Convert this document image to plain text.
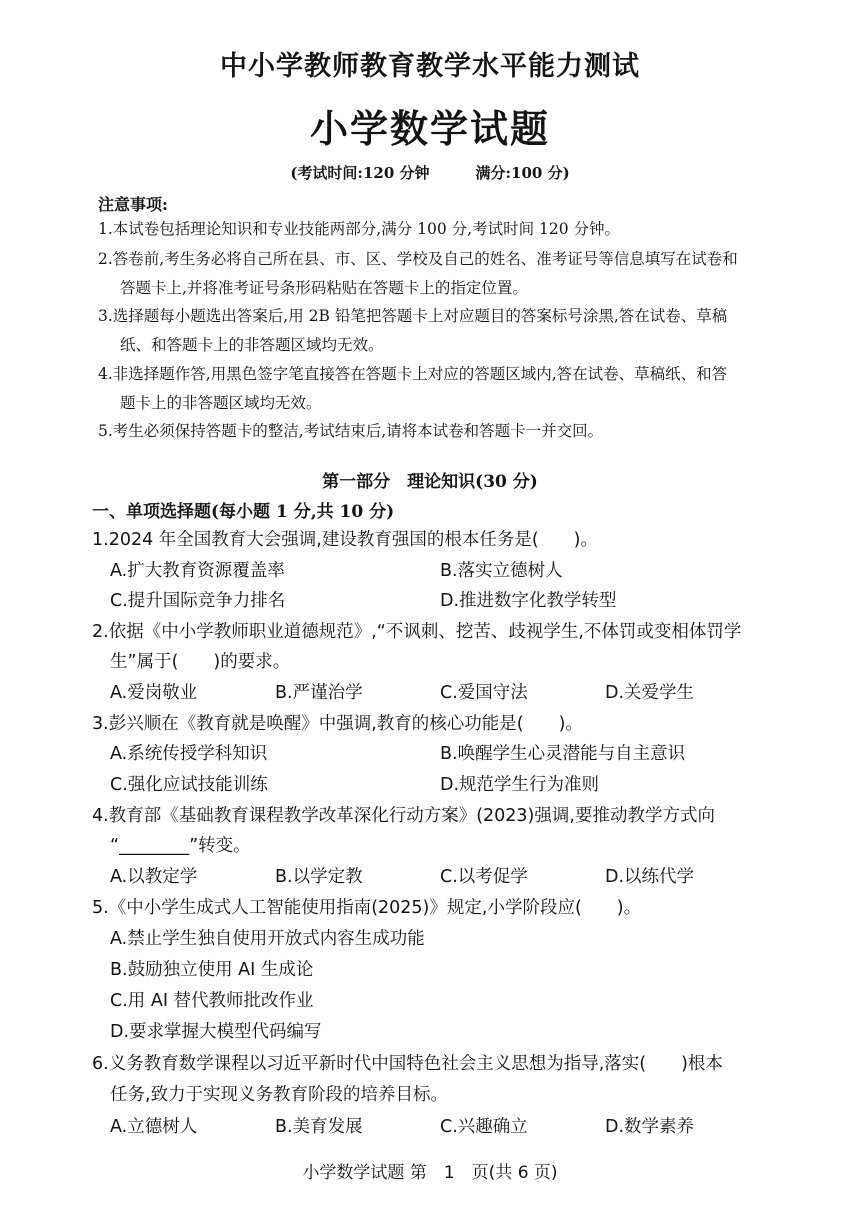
中小学教师教育教学水平能力测试
小学数学试题
(考试时间:120 分钟	满分:100 分)
注意事项:
1.本试卷包括理论知识和专业技能两部分,满分 100 分,考试时间 120 分钟。
2.答卷前,考生务必将自己所在县、市、区、学校及自己的姓名、准考证号等信息填写在试卷和
答题卡上,并将准考证号条形码粘贴在答题卡上的指定位置。
3.选择题每小题选出答案后,用 2B 铅笔把答题卡上对应题目的答案标号涂黑,答在试卷、草稿
纸、和答题卡上的非答题区域均无效。
4.非选择题作答,用黑色签字笔直接答在答题卡上对应的答题区域内,答在试卷、草稿纸、和答
题卡上的非答题区域均无效。
5.考生必须保持答题卡的整洁,考试结束后,请将本试卷和答题卡一并交回。
第一部分　理论知识(30 分)
一、单项选择题(每小题 1 分,共 10 分)
1.2024 年全国教育大会强调,建设教育强国的根本任务是(　　)。
A.扩大教育资源覆盖率	B.落实立德树人
C.提升国际竞争力排名	D.推进数字化教学转型
2.依据《中小学教师职业道德规范》,“不讽刺、挖苦、歧视学生,不体罚或变相体罚学
生”属于(　　)的要求。
A.爱岗敬业	B.严谨治学	C.爱国守法	D.关爱学生
3.彭兴顺在《教育就是唤醒》中强调,教育的核心功能是(　　)。
A.系统传授学科知识	B.唤醒学生心灵潜能与自主意识
C.强化应试技能训练	D.规范学生行为准则
4.教育部《基础教育课程教学改革深化行动方案》(2023)强调,要推动教学方式向
“________”转变。
A.以教定学	B.以学定教	C.以考促学	D.以练代学
5.《中小学生成式人工智能使用指南(2025)》规定,小学阶段应(　　)。
A.禁止学生独自使用开放式内容生成功能
B.鼓励独立使用 AI 生成论
C.用 AI 替代教师批改作业
D.要求掌握大模型代码编写
6.义务教育数学课程以习近平新时代中国特色社会主义思想为指导,落实(　　)根本
任务,致力于实现义务教育阶段的培养目标。
A.立德树人	B.美育发展	C.兴趣确立	D.数学素养
小学数学试题 第　1　页(共 6 页)
